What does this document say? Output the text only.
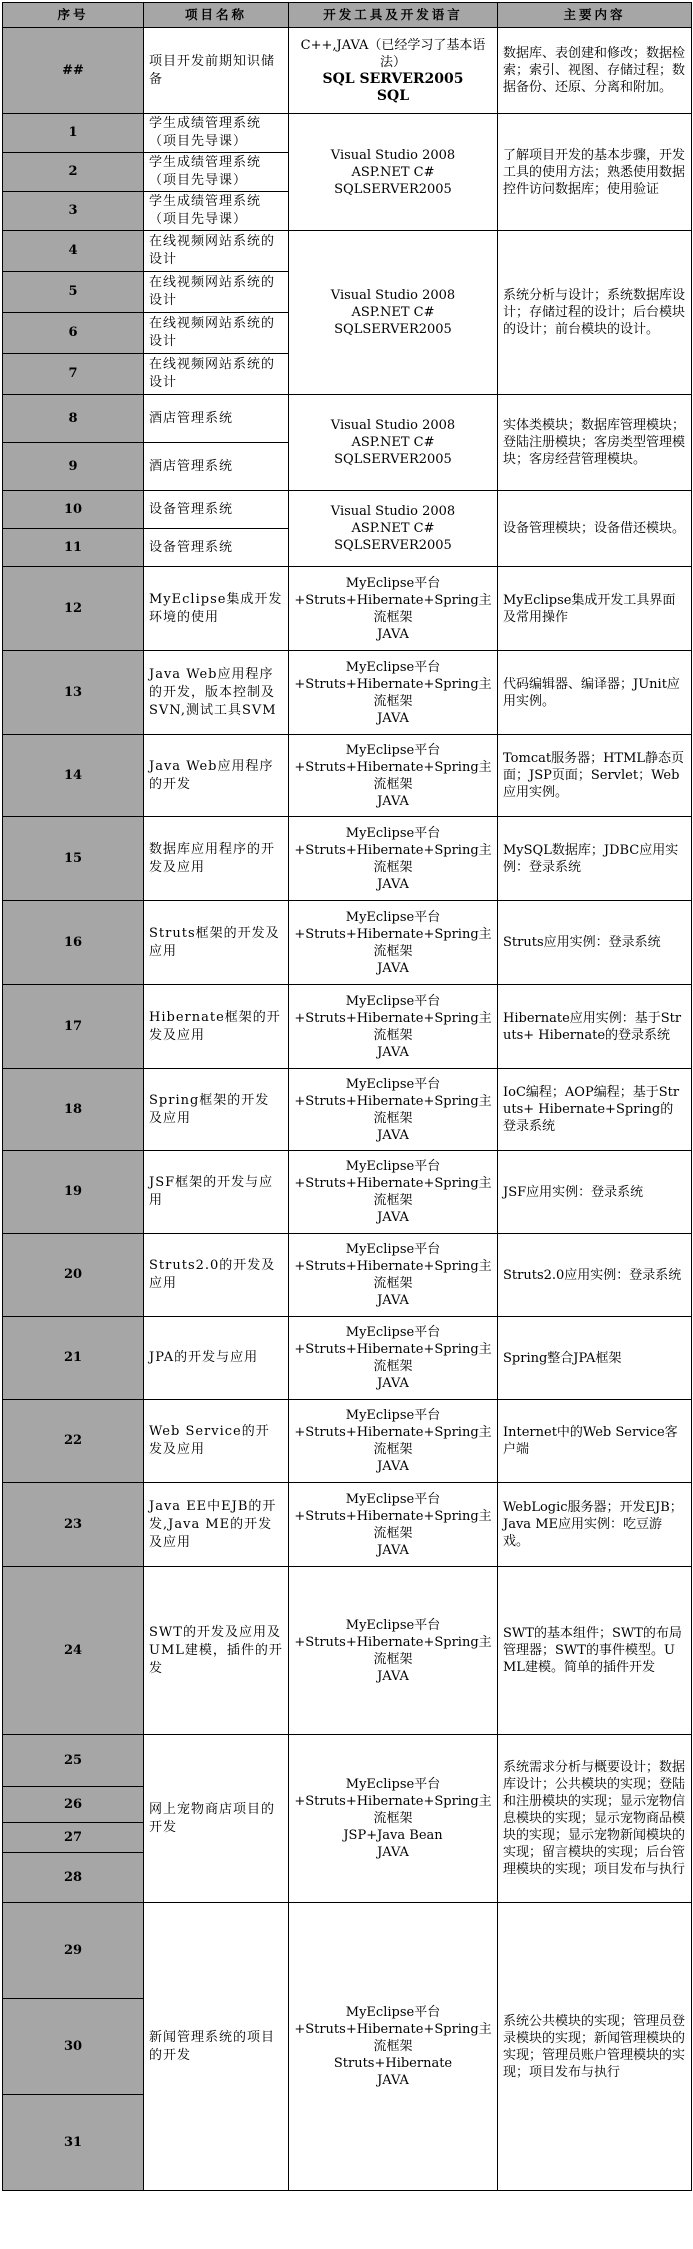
序号	项目名称	开发工具及开发语言	主要内容
##	项目开发前期知识储备	C++,JAVA（已经学习了基本语法）
SQL SERVER2005
SQL	数据库、表创建和修改；数据检索；索引、视图、存储过程；数据备份、还原、分离和附加。
1	学生成绩管理系统（项目先导课）	Visual Studio 2008
ASP.NET C#
SQLSERVER2005	了解项目开发的基本步骤，开发工具的使用方法；熟悉使用数据控件访问数据库；使用验证
2	学生成绩管理系统（项目先导课）		
3	学生成绩管理系统（项目先导课）		
4	在线视频网站系统的设计	Visual Studio 2008
ASP.NET C#
SQLSERVER2005	系统分析与设计；系统数据库设计；存储过程的设计；后台模块的设计；前台模块的设计。
5	在线视频网站系统的设计		
6	在线视频网站系统的设计		
7	在线视频网站系统的设计		
8	酒店管理系统	Visual Studio 2008
ASP.NET C#
SQLSERVER2005	实体类模块；数据库管理模块；登陆注册模块；客房类型管理模块；客房经营管理模块。
9	酒店管理系统		
10	设备管理系统	Visual Studio 2008
ASP.NET C#
SQLSERVER2005	设备管理模块；设备借还模块。
11	设备管理系统		
12	MyEclipse集成开发环境的使用	MyEclipse平台
+Struts+Hibernate+Spring主流框架
JAVA	MyEclipse集成开发工具界面及常用操作
13	Java Web应用程序的开发，版本控制及SVN,测试工具SVM	MyEclipse平台
+Struts+Hibernate+Spring主流框架
JAVA	代码编辑器、编译器；JUnit应用实例。
14	Java Web应用程序的开发	MyEclipse平台
+Struts+Hibernate+Spring主流框架
JAVA	Tomcat服务器；HTML静态页面；JSP页面；Servlet；Web应用实例。
15	数据库应用程序的开发及应用	MyEclipse平台
+Struts+Hibernate+Spring主流框架
JAVA	MySQL数据库；JDBC应用实例：登录系统
16	Struts框架的开发及应用	MyEclipse平台
+Struts+Hibernate+Spring主流框架
JAVA	Struts应用实例：登录系统
17	Hibernate框架的开发及应用	MyEclipse平台
+Struts+Hibernate+Spring主流框架
JAVA	Hibernate应用实例：基于Struts+ Hibernate的登录系统
18	Spring框架的开发及应用	MyEclipse平台
+Struts+Hibernate+Spring主流框架
JAVA	IoC编程；AOP编程；基于Struts+ Hibernate+Spring的登录系统
19	JSF框架的开发与应用	MyEclipse平台
+Struts+Hibernate+Spring主流框架
JAVA	JSF应用实例：登录系统
20	Struts2.0的开发及应用	MyEclipse平台
+Struts+Hibernate+Spring主流框架
JAVA	Struts2.0应用实例：登录系统
21	JPA的开发与应用	MyEclipse平台
+Struts+Hibernate+Spring主流框架
JAVA	Spring整合JPA框架
22	Web Service的开发及应用	MyEclipse平台
+Struts+Hibernate+Spring主流框架
JAVA	Internet中的Web Service客户端
23	Java EE中EJB的开发,Java ME的开发及应用	MyEclipse平台
+Struts+Hibernate+Spring主流框架
JAVA	WebLogic服务器；开发EJB；Java ME应用实例：吃豆游戏。
24	SWT的开发及应用及UML建模，插件的开发	MyEclipse平台
+Struts+Hibernate+Spring主流框架
JAVA	SWT的基本组件；SWT的布局管理器；SWT的事件模型。UML建模。简单的插件开发
25	网上宠物商店项目的开发	MyEclipse平台
+Struts+Hibernate+Spring主流框架
JSP+Java Bean
JAVA	系统需求分析与概要设计；数据库设计；公共模块的实现；登陆和注册模块的实现；显示宠物信息模块的实现；显示宠物商品模块的实现；显示宠物新闻模块的实现；留言模块的实现；后台管理模块的实现；项目发布与执行
26			
27			
28			
29	新闻管理系统的项目的开发	MyEclipse平台
+Struts+Hibernate+Spring主流框架
Struts+Hibernate
JAVA	系统公共模块的实现；管理员登录模块的实现；新闻管理模块的实现；管理员账户管理模块的实现；项目发布与执行
30			
31			
